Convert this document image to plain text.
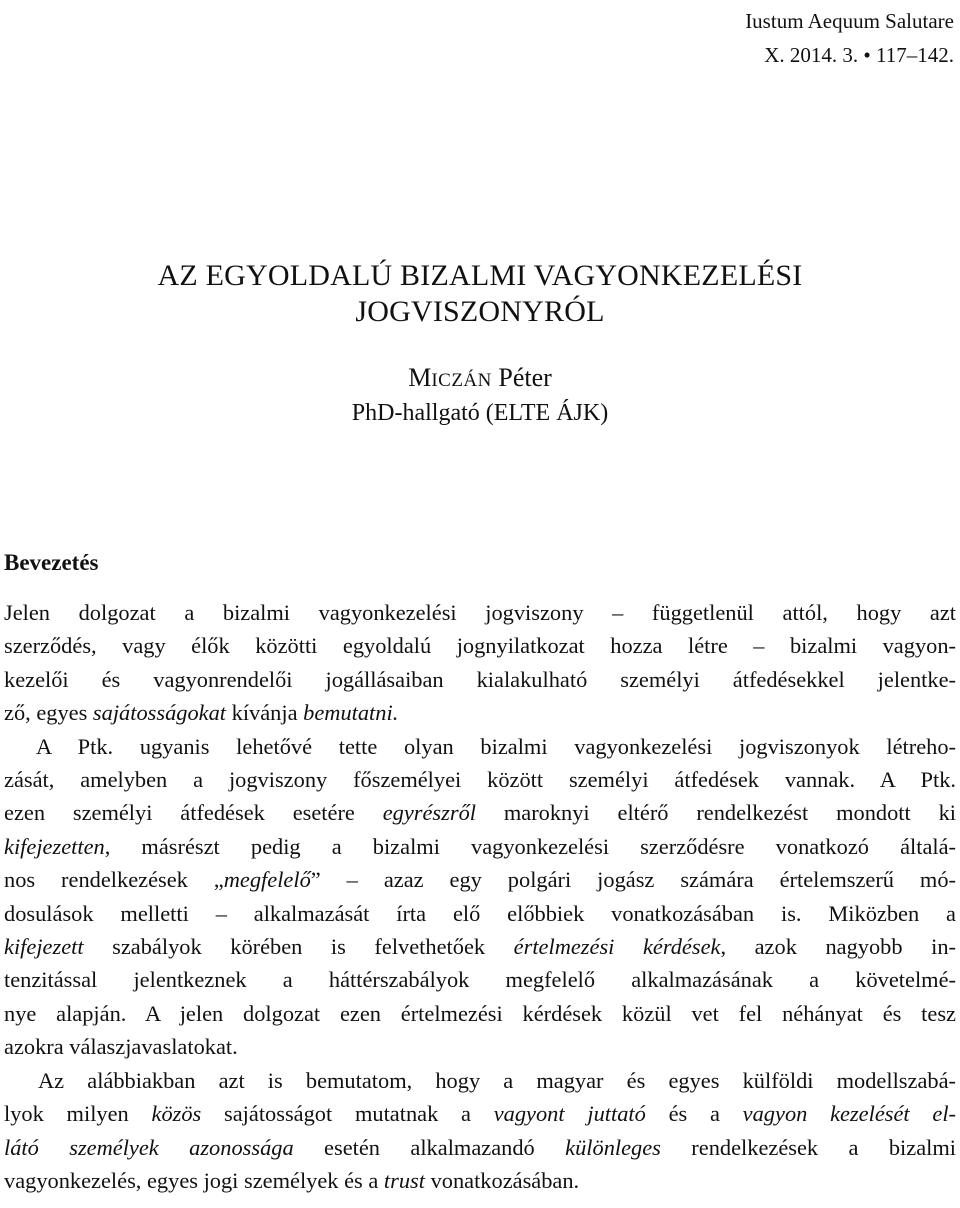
Iustum Aequum Salutare
X. 2014. 3. • 117–142.
AZ EGYOLDALÚ BIZALMI VAGYONKEZELÉSI
JOGVISZONYRÓL
MICZÁN Péter
PhD-hallgató (ELTE ÁJK)
Bevezetés
Jelen dolgozat a bizalmi vagyonkezelési jogviszony – függetlenül attól, hogy azt
szerződés, vagy élők közötti egyoldalú jognyilatkozat hozza létre – bizalmi vagyon-
kezelői és vagyonrendelői jogállásaiban kialakulható személyi átfedésekkel jelentke-
ző, egyes sajátosságokat kívánja bemutatni.
A Ptk. ugyanis lehetővé tette olyan bizalmi vagyonkezelési jogviszonyok létreho-
zását, amelyben a jogviszony főszemélyei között személyi átfedések vannak. A Ptk.
ezen személyi átfedések esetére egyrészről maroknyi eltérő rendelkezést mondott ki
kifejezetten, másrészt pedig a bizalmi vagyonkezelési szerződésre vonatkozó általá-
nos rendelkezések „megfelelő” – azaz egy polgári jogász számára értelemszerű mó-
dosulások melletti – alkalmazását írta elő előbbiek vonatkozásában is. Miközben a
kifejezett szabályok körében is felvethetőek értelmezési kérdések, azok nagyobb in-
tenzitással jelentkeznek a háttérszabályok megfelelő alkalmazásának a követelmé-
nye alapján. A jelen dolgozat ezen értelmezési kérdések közül vet fel néhányat és tesz
azokra válaszjavaslatokat.
Az alábbiakban azt is bemutatom, hogy a magyar és egyes külföldi modellszabá-
lyok milyen közös sajátosságot mutatnak a vagyont juttató és a vagyon kezelését el-
látó személyek azonossága esetén alkalmazandó különleges rendelkezések a bizalmi
vagyonkezelés, egyes jogi személyek és a trust vonatkozásában.
